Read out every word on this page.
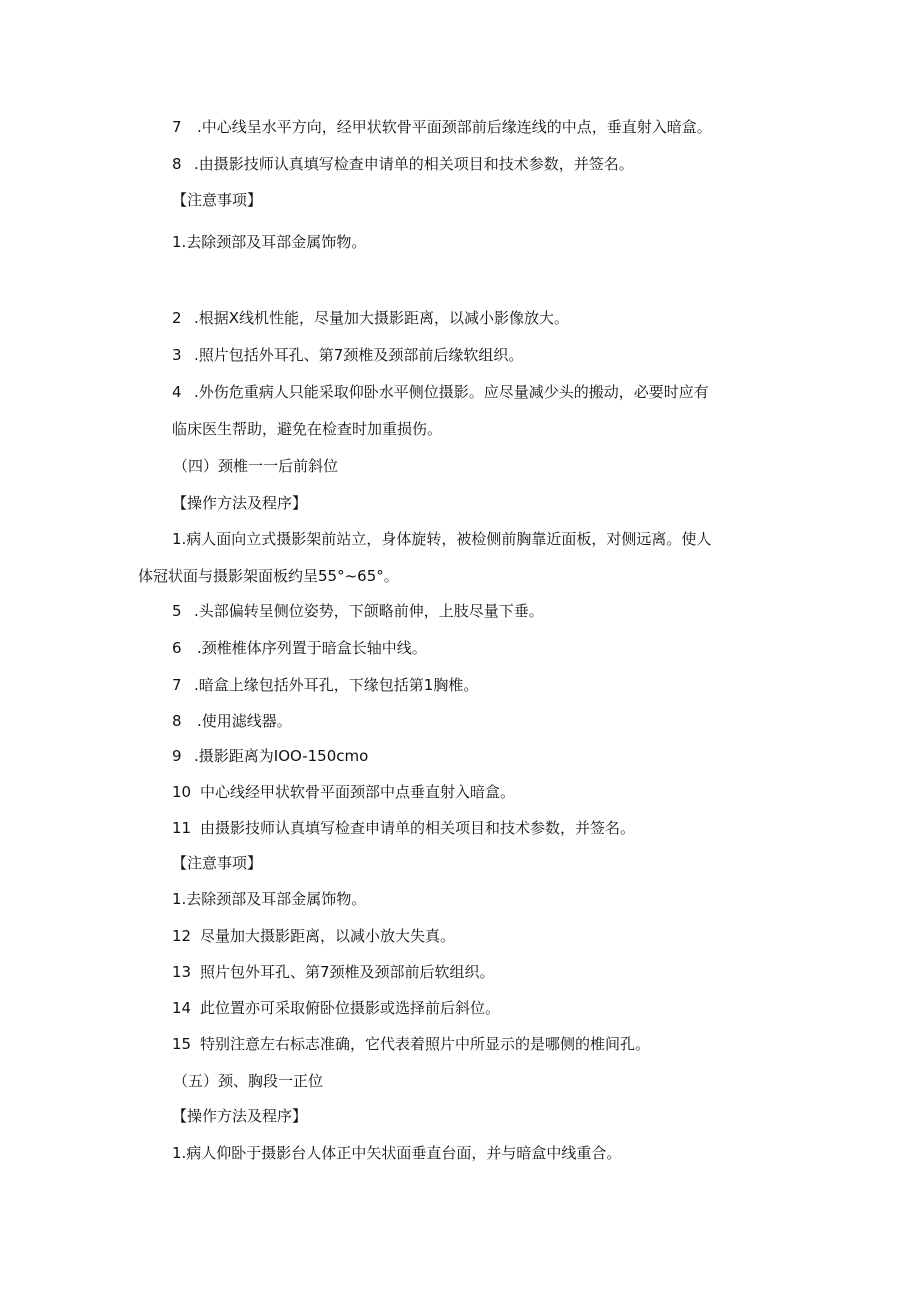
7 .中心线呈水平方向，经甲状软骨平面颈部前后缘连线的中点，垂直射入暗盒。
8 .由摄影技师认真填写检查申请单的相关项目和技术参数，并签名。
【注意事项】
1.去除颈部及耳部金属饰物。
2 .根据X线机性能，尽量加大摄影距离，以减小影像放大。
3 .照片包括外耳孔、第7颈椎及颈部前后缘软组织。
4 .外伤危重病人只能采取仰卧水平侧位摄影。应尽量减少头的搬动，必要时应有
临床医生帮助，避免在检查时加重损伤。
（四）颈椎一一后前斜位
【操作方法及程序】
1.病人面向立式摄影架前站立，身体旋转，被检侧前胸靠近面板，对侧远离。使人
体冠状面与摄影架面板约呈55°~65°。
5 .头部偏转呈侧位姿势，下颌略前伸，上肢尽量下垂。
6 .颈椎椎体序列置于暗盒长轴中线。
7 .暗盒上缘包括外耳孔，下缘包括第1胸椎。
8 .使用滤线器。
9 .摄影距离为IOO-150cmo
10 中心线经甲状软骨平面颈部中点垂直射入暗盒。
11 由摄影技师认真填写检查申请单的相关项目和技术参数，并签名。
【注意事项】
1.去除颈部及耳部金属饰物。
12 尽量加大摄影距离，以减小放大失真。
13 照片包外耳孔、第7颈椎及颈部前后软组织。
14 此位置亦可采取俯卧位摄影或选择前后斜位。
15 特别注意左右标志准确，它代表着照片中所显示的是哪侧的椎间孔。
（五）颈、胸段一正位
【操作方法及程序】
1.病人仰卧于摄影台人体正中矢状面垂直台面，并与暗盒中线重合。
